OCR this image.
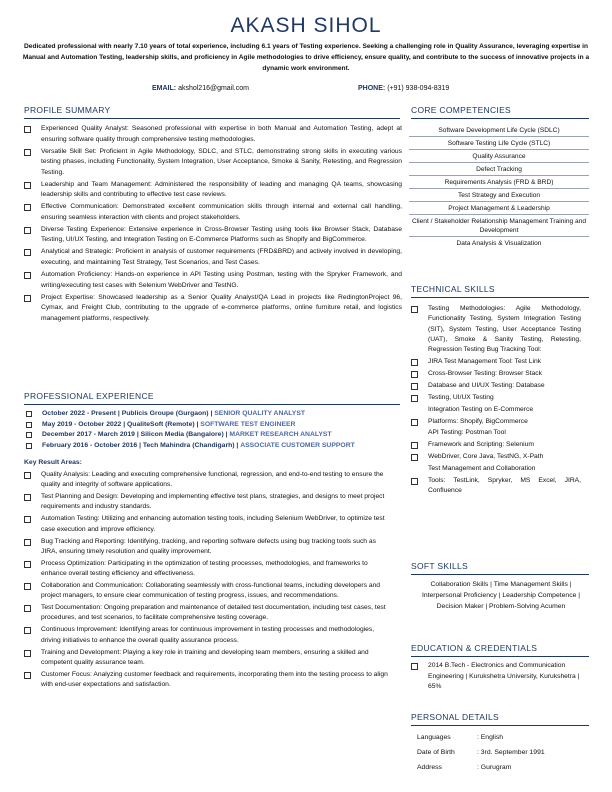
AKASH SIHOL
Dedicated professional with nearly 7.10 years of total experience, including 6.1 years of Testing experience. Seeking a challenging role in Quality Assurance, leveraging expertise in Manual and Automation Testing, leadership skills, and proficiency in Agile methodologies to drive efficiency, ensure quality, and contribute to the success of innovative projects in a dynamic work environment.
EMAIL: akshol216@gmail.com	PHONE: (+91) 938-094-8319
PROFILE SUMMARY
Experienced Quality Analyst: Seasoned professional with expertise in both Manual and Automation Testing, adept at ensuring software quality through comprehensive testing methodologies.
Versatile Skill Set: Proficient in Agile Methodology, SDLC, and STLC, demonstrating strong skills in executing various testing phases, including Functionality, System Integration, User Acceptance, Smoke & Sanity, Retesting, and Regression Testing.
Leadership and Team Management: Administered the responsibility of leading and managing QA teams, showcasing leadership skills and contributing to effective test case reviews.
Effective Communication: Demonstrated excellent communication skills through internal and external call handling, ensuring seamless interaction with clients and project stakeholders.
Diverse Testing Experience: Extensive experience in Cross-Browser Testing using tools like Browser Stack, Database Testing, UI/UX Testing, and Integration Testing on E-Commerce Platforms such as Shopify and BigCommerce.
Analytical and Strategic: Proficient in analysis of customer requirements (FRD&BRD) and actively involved in developing, executing, and maintaining Test Strategy, Test Scenarios, and Test Cases.
Automation Proficiency: Hands-on experience in API Testing using Postman, testing with the Spryker Framework, and writing/executing test cases with Selenium WebDriver and TestNG.
Project Expertise: Showcased leadership as a Senior Quality Analyst/QA Lead in projects like RedingtonProject 96, Cymax, and Freight Club, contributing to the upgrade of e-commerce platforms, online furniture retail, and logistics management platforms, respectively.
CORE COMPETENCIES
Software Development Life Cycle (SDLC)
Software Testing Life Cycle (STLC)
Quality Assurance
Defect Tracking
Requirements Analysis (FRD & BRD)
Test Strategy and Execution
Project Management & Leadership
Client / Stakeholder Relationship Management Training and Development
Data Analysis & Visualization
TECHNICAL SKILLS
Testing Methodologies: Agile Methodology, Functionality Testing, System Integration Testing (SIT), System Testing, User Acceptance Testing (UAT), Smoke & Sanity Testing, Retesting, Regression Testing Bug Tracking Tool:
JIRA Test Management Tool: Test Link
Cross-Browser Testing: Browser Stack
Database and UI/UX Testing: Database
Testing, UI/UX Testing
Integration Testing on E-Commerce
Platforms: Shopify, BigCommerce
API Testing: Postman Tool
Framework and Scripting: Selenium
WebDriver, Core Java, TestNG, X-Path
Test Management and Collaboration
Tools: TestLink, Spryker, MS Excel, JIRA, Confluence
PROFESSIONAL EXPERIENCE
October 2022 - Present | Publicis Groupe (Gurgaon) | SENIOR QUALITY ANALYST
May 2019 - October 2022 | QualiteSoft (Remote) | SOFTWARE TEST ENGINEER
December 2017 - March 2019 | Silicon Media (Bangalore) | MARKET RESEARCH ANALYST
February 2016 - October 2016 | Tech Mahindra (Chandigarh) | ASSOCIATE CUSTOMER SUPPORT
Key Result Areas:
Quality Analysis: Leading and executing comprehensive functional, regression, and end-to-end testing to ensure the quality and integrity of software applications.
Test Planning and Design: Developing and implementing effective test plans, strategies, and designs to meet project requirements and industry standards.
Automation Testing: Utilizing and enhancing automation testing tools, including Selenium WebDriver, to optimize test case execution and improve efficiency.
Bug Tracking and Reporting: Identifying, tracking, and reporting software defects using bug tracking tools such as JIRA, ensuring timely resolution and quality improvement.
Process Optimization: Participating in the optimization of testing processes, methodologies, and frameworks to enhance overall testing efficiency and effectiveness.
Collaboration and Communication: Collaborating seamlessly with cross-functional teams, including developers and project managers, to ensure clear communication of testing progress, issues, and recommendations.
Test Documentation: Ongoing preparation and maintenance of detailed test documentation, including test cases, test procedures, and test scenarios, to facilitate comprehensive testing coverage.
Continuous Improvement: Identifying areas for continuous improvement in testing processes and methodologies, driving initiatives to enhance the overall quality assurance process.
Training and Development: Playing a key role in training and developing team members, ensuring a skilled and competent quality assurance team.
Customer Focus: Analyzing customer feedback and requirements, incorporating them into the testing process to align with end-user expectations and satisfaction.
SOFT SKILLS
Collaboration Skills | Time Management Skills | Interpersonal Proficiency | Leadership Competence | Decision Maker | Problem-Solving Acumen
EDUCATION & CREDENTIALS
2014 B.Tech - Electronics and Communication Engineering | Kurukshetra University, Kurukshetra | 65%
PERSONAL DETAILS
Languages	: English
Date of Birth	: 3rd. September 1991
Address	: Gurugram
